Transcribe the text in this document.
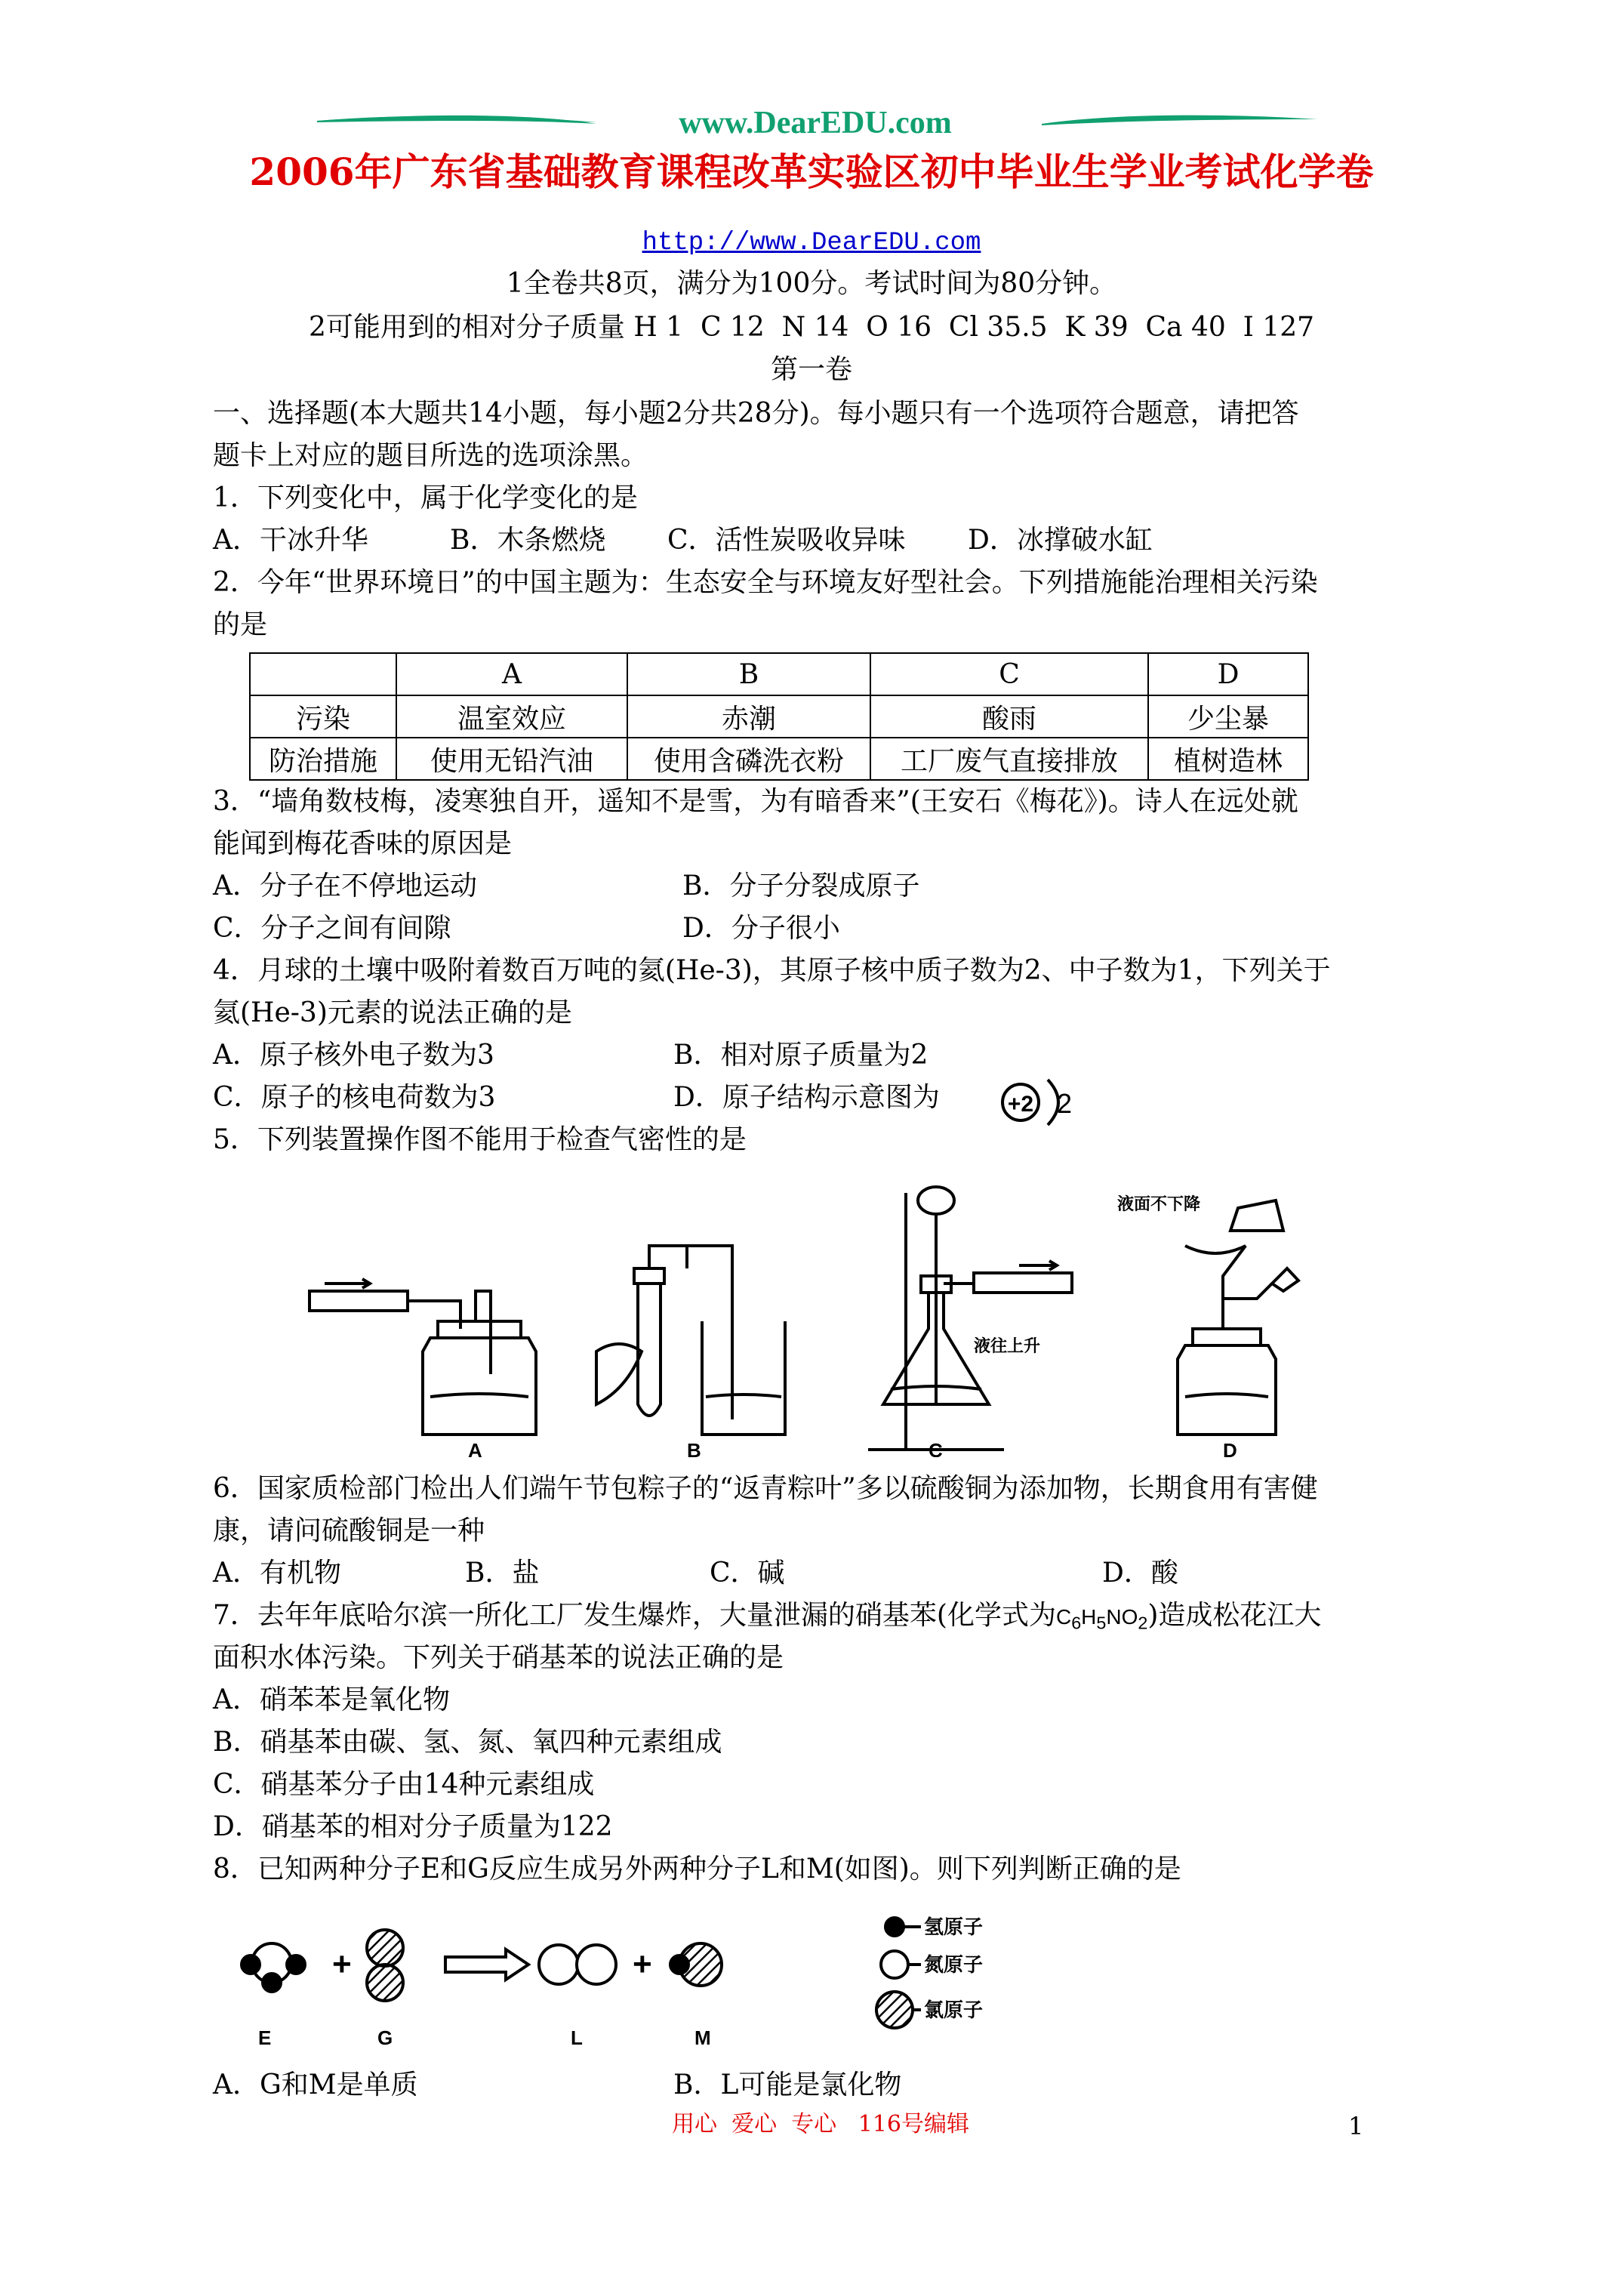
www.DearEDU.com
2006年广东省基础教育课程改革实验区初中毕业生学业考试化学卷
http://www.DearEDU.com
1全卷共8页，满分为100分。考试时间为80分钟。
2可能用到的相对分子质量 H 1  C 12  N 14  O 16  Cl 35.5  K 39  Ca 40  I 127
第一卷
一、选择题(本大题共14小题，每小题2分共28分)。每小题只有一个选项符合题意，请把答
题卡上对应的题目所选的选项涂黑。
1．下列变化中，属于化学变化的是
A．干冰升华	B．木条燃烧 C．活性炭吸收异味 D．冰撑破水缸
2．今年“世界环境日”的中国主题为：生态安全与环境友好型社会。下列措施能治理相关污染
的是
	A	B	C	D
污染	温室效应	赤潮	酸雨	少尘暴
防治措施	使用无铅汽油	使用含磷洗衣粉	工厂废气直接排放	植树造林
3．“墙角数枝梅，凌寒独自开，遥知不是雪，为有暗香来”(王安石《梅花》)。诗人在远处就
能闻到梅花香味的原因是
A．分子在不停地运动	B．分子分裂成原子
C．分子之间有间隙	D．分子很小
4．月球的土壤中吸附着数百万吨的氦(He-3)，其原子核中质子数为2、中子数为1，下列关于
氦(He-3)元素的说法正确的是
A．原子核外电子数为3	B．相对原子质量为2
C．原子的核电荷数为3	D．原子结构示意图为	+2 2
5．下列装置操作图不能用于检查气密性的是
A	B	C	D
液往上升
液面不下降
6．国家质检部门检出人们端午节包粽子的“返青粽叶”多以硫酸铜为添加物，长期食用有害健
康，请问硫酸铜是一种
A．有机物	B．盐	C．碱	D．酸
7．去年年底哈尔滨一所化工厂发生爆炸，大量泄漏的硝基苯(化学式为$C_6H_5NO_2$)造成松花江大
面积水体污染。下列关于硝基苯的说法正确的是
A．硝苯苯是氧化物
B．硝基苯由碳、氢、氮、氧四种元素组成
C．硝基苯分子由14种元素组成
D．硝基苯的相对分子质量为122
8．已知两种分子E和G反应生成另外两种分子L和M(如图)。则下列判断正确的是
+	+
E	G	L	M
氢原子
氮原子
氯原子
A．G和M是单质	B．L可能是氯化物
用心  爱心  专心   116号编辑	1
